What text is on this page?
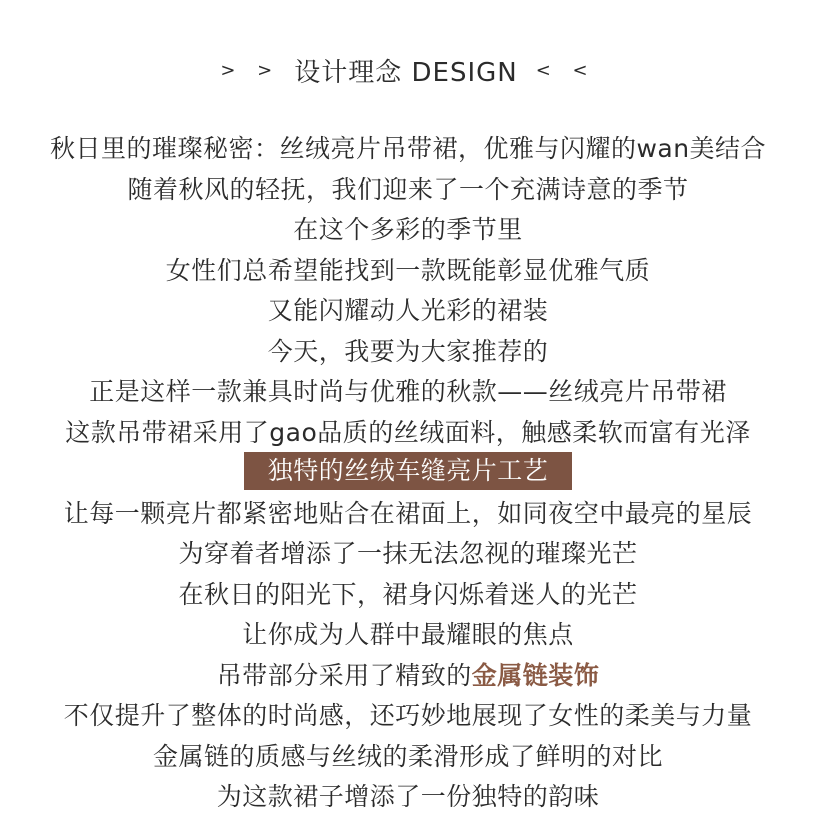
> > 设计理念 DESIGN < <
秋日里的璀璨秘密：丝绒亮片吊带裙，优雅与闪耀的wan美结合
随着秋风的轻抚，我们迎来了一个充满诗意的季节
在这个多彩的季节里
女性们总希望能找到一款既能彰显优雅气质
又能闪耀动人光彩的裙装
今天，我要为大家推荐的
正是这样一款兼具时尚与优雅的秋款——丝绒亮片吊带裙
这款吊带裙采用了gao品质的丝绒面料，触感柔软而富有光泽
独特的丝绒车缝亮片工艺
让每一颗亮片都紧密地贴合在裙面上，如同夜空中最亮的星辰
为穿着者增添了一抹无法忽视的璀璨光芒
在秋日的阳光下，裙身闪烁着迷人的光芒
让你成为人群中最耀眼的焦点
吊带部分采用了精致的 金属链装饰
不仅提升了整体的时尚感，还巧妙地展现了女性的柔美与力量
金属链的质感与丝绒的柔滑形成了鲜明的对比
为这款裙子增添了一份独特的韵味
